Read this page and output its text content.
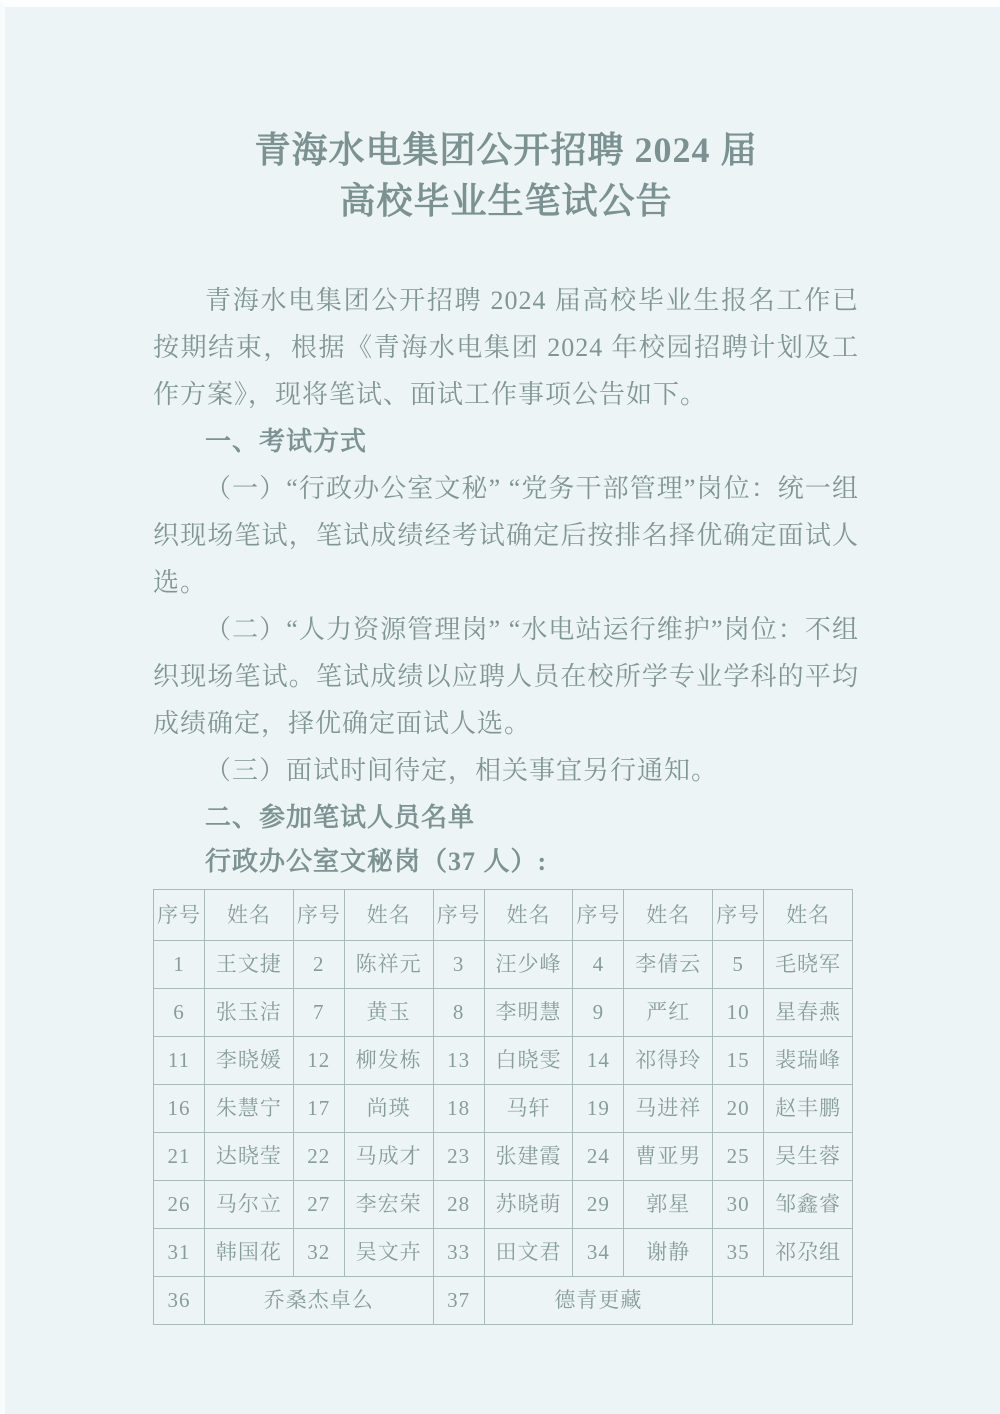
青海水电集团公开招聘 2024 届
高校毕业生笔试公告

青海水电集团公开招聘 2024 届高校毕业生报名工作已按期结束，根据《青海水电集团 2024 年校园招聘计划及工作方案》，现将笔试、面试工作事项公告如下。

一、考试方式

（一）“行政办公室文秘” “党务干部管理”岗位：统一组织现场笔试，笔试成绩经考试确定后按排名择优确定面试人选。

（二）“人力资源管理岗” “水电站运行维护”岗位：不组织现场笔试。笔试成绩以应聘人员在校所学专业学科的平均成绩确定，择优确定面试人选。

（三）面试时间待定，相关事宜另行通知。

二、参加笔试人员名单

行政办公室文秘岗（37 人）:

序号	姓名	序号	姓名	序号	姓名	序号	姓名	序号	姓名
1	王文捷	2	陈祥元	3	汪少峰	4	李倩云	5	毛晓军
6	张玉洁	7	黄玉	8	李明慧	9	严红	10	星春燕
11	李晓媛	12	柳发栋	13	白晓雯	14	祁得玲	15	裴瑞峰
16	朱慧宁	17	尚瑛	18	马轩	19	马进祥	20	赵丰鹏
21	达晓莹	22	马成才	23	张建霞	24	曹亚男	25	吴生蓉
26	马尔立	27	李宏荣	28	苏晓萌	29	郭星	30	邹鑫睿
31	韩国花	32	吴文卉	33	田文君	34	谢静	35	祁尕组
36	乔桑杰卓么			37	德青更藏				
